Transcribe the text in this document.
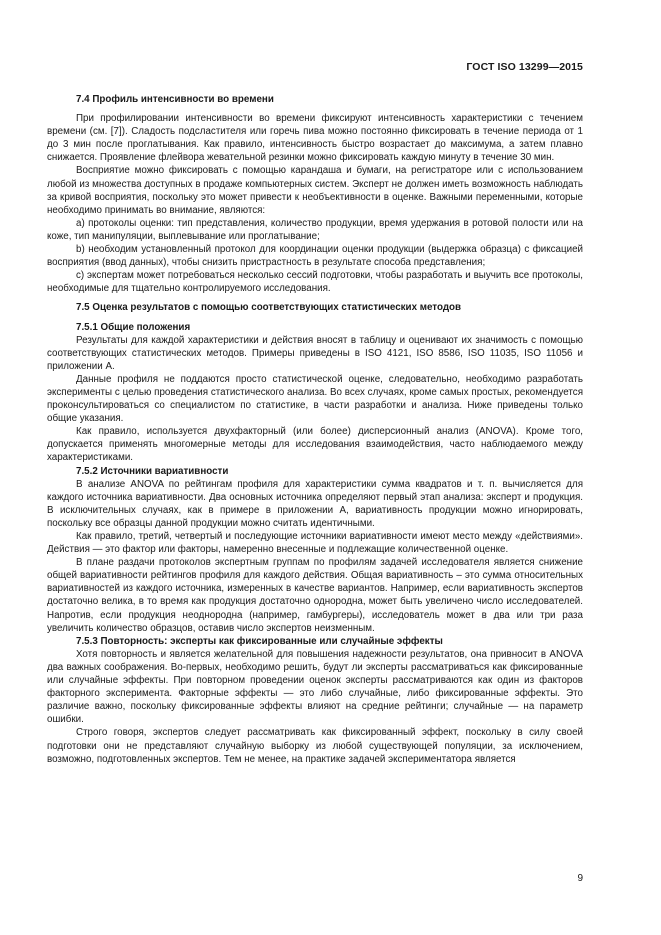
ГОСТ ISO 13299—2015
7.4 Профиль интенсивности во времени

При профилировании интенсивности во времени фиксируют интенсивность характеристики с течением времени (см. [7]). Сладость подсластителя или горечь пива можно постоянно фиксировать в течение периода от 1 до 3 мин после проглатывания. Как правило, интенсивность быстро возрастает до максимума, а затем плавно снижается. Проявление флейвора жевательной резинки можно фиксировать каждую минуту в течение 30 мин.

Восприятие можно фиксировать с помощью карандаша и бумаги, на регистраторе или с использованием любой из множества доступных в продаже компьютерных систем. Эксперт не должен иметь возможность наблюдать за кривой восприятия, поскольку это может привести к необъективности в оценке. Важными переменными, которые необходимо принимать во внимание, являются:

а) протоколы оценки: тип представления, количество продукции, время удержания в ротовой полости или на коже, тип манипуляции, выплевывание или проглатывание;

b) необходим установленный протокол для координации оценки продукции (выдержка образца) с фиксацией восприятия (ввод данных), чтобы снизить пристрастность в результате способа представления;

с) экспертам может потребоваться несколько сессий подготовки, чтобы разработать и выучить все протоколы, необходимые для тщательно контролируемого исследования.

7.5 Оценка результатов с помощью соответствующих статистических методов
7.5.1 Общие положения

Результаты для каждой характеристики и действия вносят в таблицу и оценивают их значимость с помощью соответствующих статистических методов. Примеры приведены в ISO 4121, ISO 8586, ISO 11035, ISO 11056 и приложении А.

Данные профиля не поддаются просто статистической оценке, следовательно, необходимо разработать эксперименты с целью проведения статистического анализа. Во всех случаях, кроме самых простых, рекомендуется проконсультироваться со специалистом по статистике, в части разработки и анализа. Ниже приведены только общие указания.

Как правило, используется двухфакторный (или более) дисперсионный анализ (ANOVA). Кроме того, допускается применять многомерные методы для исследования взаимодействия, часто наблюдаемого между характеристиками.

7.5.2 Источники вариативности

В анализе ANOVA по рейтингам профиля для характеристики сумма квадратов и т. п. вычисляется для каждого источника вариативности. Два основных источника определяют первый этап анализа: эксперт и продукция. В исключительных случаях, как в примере в приложении А, вариативность продукции можно игнорировать, поскольку все образцы данной продукции можно считать идентичными.

Как правило, третий, четвертый и последующие источники вариативности имеют место между «действиями». Действия — это фактор или факторы, намеренно внесенные и подлежащие количественной оценке.

В плане раздачи протоколов экспертным группам по профилям задачей исследователя является снижение общей вариативности рейтингов профиля для каждого действия. Общая вариативность – это сумма относительных вариативностей из каждого источника, измеренных в качестве вариантов. Например, если вариативность экспертов достаточно велика, в то время как продукция достаточно однородна, может быть увеличено число исследователей. Напротив, если продукция неоднородна (например, гамбургеры), исследователь может в два или три раза увеличить количество образцов, оставив число экспертов неизменным.

7.5.3 Повторность: эксперты как фиксированные или случайные эффекты

Хотя повторность и является желательной для повышения надежности результатов, она привносит в ANOVA два важных соображения. Во-первых, необходимо решить, будут ли эксперты рассматриваться как фиксированные или случайные эффекты. При повторном проведении оценок эксперты рассматриваются как один из факторов факторного эксперимента. Факторные эффекты — это либо случайные, либо фиксированные эффекты. Это различие важно, поскольку фиксированные эффекты влияют на средние рейтинги; случайные — на параметр ошибки.

Строго говоря, экспертов следует рассматривать как фиксированный эффект, поскольку в силу своей подготовки они не представляют случайную выборку из любой существующей популяции, за исключением, возможно, подготовленных экспертов. Тем не менее, на практике задачей экспериментатора является

9
